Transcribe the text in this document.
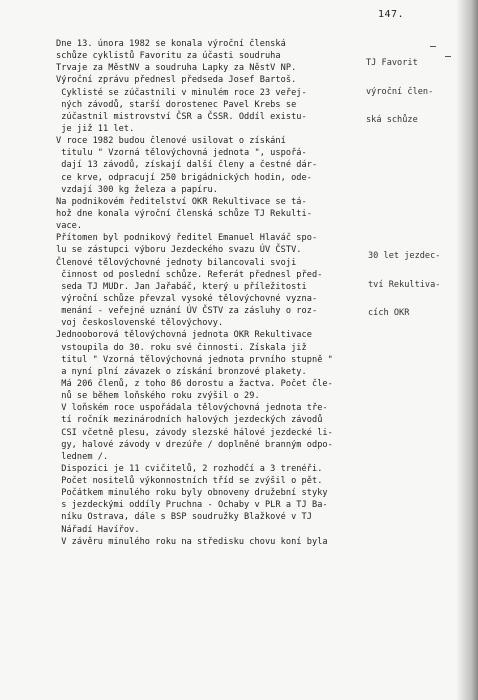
147.

TJ Favorit

výroční člen-

ská schůze

30 let jezdec-

tví Rekultiva-

cích OKR

Dne 13. února 1982 se konala výroční členská
schůze cyklistů Favoritu za účasti soudruha
Trvaje za MěstNV a soudruha Lapky za NěstV NP.
Výroční zprávu přednesl předseda Josef Bartoš.
Cyklisté se zúčastnili v minulém roce 23 veřej-
ných závodů, starší dorostenec Pavel Krebs se
zúčastnil mistrovství ČSR a ČSSR. Oddíl existu-
je již 11 let.
V roce 1982 budou členové usilovat o získání
titulu " Vzorná tělovýchovná jednota ", uspořá-
dají 13 závodů, získají další členy a čestné dár-
ce krve, odpracují 250 brigádnických hodin, ode-
vzdají 300 kg železa a papíru.
Na podnikovém ředitelství OKR Rekultivace se tá-
hož dne konala výroční členská schůze TJ Rekulti-
vace.
Přítomen byl podnikový ředitel Emanuel Hlaváč spo-
lu se zástupci výboru Jezdeckého svazu ÚV ČSTV.
Členové tělovýchovné jednoty bilancovali svoji
činnost od poslední schůze. Referát přednesl před-
seda TJ MUDr. Jan Jařabáč, který u příležitosti
výroční schůze převzal vysoké tělovýchovné vyzna-
menání - veřejné uznání ÚV ČSTV za zásluhy o roz-
voj československé tělovýchovy.
Jednooborová tělovýchovná jednota OKR Rekultivace
vstoupila do 30. roku své činnosti. Získala již
titul " Vzorná tělovýchovná jednota prvního stupně "
a nyní plní závazek o získání bronzové plakety.
Má 206 členů, z toho 86 dorostu a žactva. Počet čle-
nů se během loňského roku zvýšil o 29.
V loňském roce uspořádala tělovýchovná jednota tře-
tí ročník mezinárodních halových jezdeckých závodů
CSI včetně plesu, závody slezské hálové jezdecké li-
gy, halové závody v drezúře / doplněné branným odpo-
lednem /.
Dispozici je 11 cvičitelů, 2 rozhodčí a 3 trenéři.
Počet nositelů výkonnostních tříd se zvýšil o pět.
Počátkem minulého roku byly obnoveny družební styky
s jezdeckými oddíly Pruchna - Ochaby v PLR a TJ Ba-
níku Ostrava, dále s BSP soudružky Blažkové v TJ
Nářadí Havířov.
V závěru minulého roku na středisku chovu koní byla
